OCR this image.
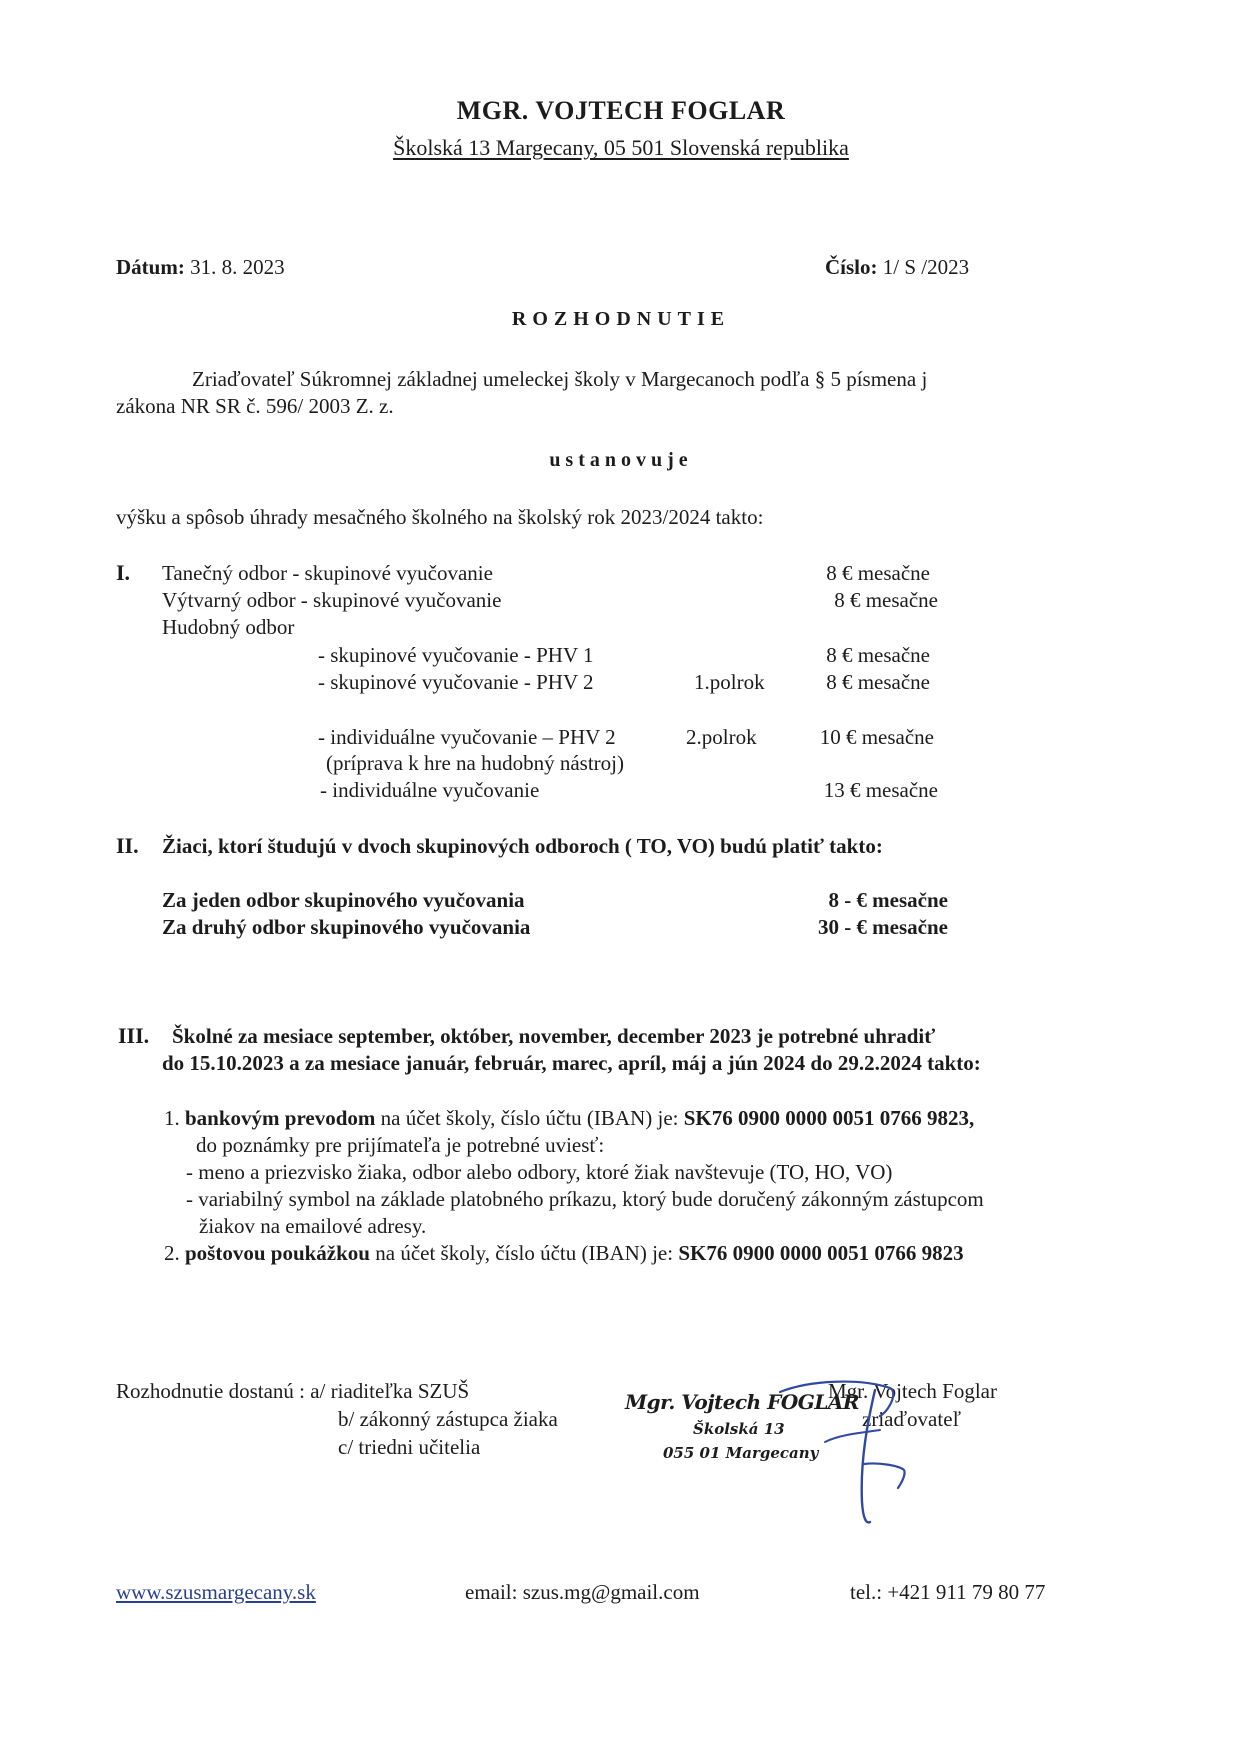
MGR. VOJTECH FOGLAR
Školská 13 Margecany, 05 501 Slovenská republika
Dátum: 31. 8. 2023	Číslo: 1/ S /2023
ROZHODNUTIE
Zriaďovateľ Súkromnej základnej umeleckej školy v Margecanoch podľa § 5 písmena j
zákona NR SR č. 596/ 2003 Z. z.
ustanovuje
výšku a spôsob úhrady mesačného školného na školský rok 2023/2024 takto:
I. Tanečný odbor - skupinové vyučovanie	8 € mesačne
Výtvarný odbor - skupinové vyučovanie	8 € mesačne
Hudobný odbor
- skupinové vyučovanie - PHV 1	8 € mesačne
- skupinové vyučovanie - PHV 2	1.polrok	8 € mesačne
- individuálne vyučovanie – PHV 2	2.polrok	10 € mesačne
(príprava k hre na hudobný nástroj)
- individuálne vyučovanie	13 € mesačne
II. Žiaci, ktorí študujú v dvoch skupinových odboroch ( TO, VO) budú platiť takto:
Za jeden odbor skupinového vyučovania	8 - € mesačne
Za druhý odbor skupinového vyučovania	30 - € mesačne
III. Školné za mesiace september, október, november, december 2023 je potrebné uhradiť
do 15.10.2023 a za mesiace január, február, marec, apríl, máj a jún 2024 do 29.2.2024 takto:
1. bankovým prevodom na účet školy, číslo účtu (IBAN) je: SK76 0900 0000 0051 0766 9823,
do poznámky pre prijímateľa je potrebné uviesť:
- meno a priezvisko žiaka, odbor alebo odbory, ktoré žiak navštevuje (TO, HO, VO)
- variabilný symbol na základe platobného príkazu, ktorý bude doručený zákonným zástupcom
žiakov na emailové adresy.
2. poštovou poukážkou na účet školy, číslo účtu (IBAN) je: SK76 0900 0000 0051 0766 9823
Rozhodnutie dostanú : a/ riaditeľka SZUŠ
b/ zákonný zástupca žiaka
c/ triedni učitelia
Mgr. Vojtech FOGLAR
Školská 13
055 01 Margecany
Mgr. Vojtech Foglar
zriaďovateľ
www.szusmargecany.sk	email: szus.mg@gmail.com	tel.: +421 911 79 80 77
